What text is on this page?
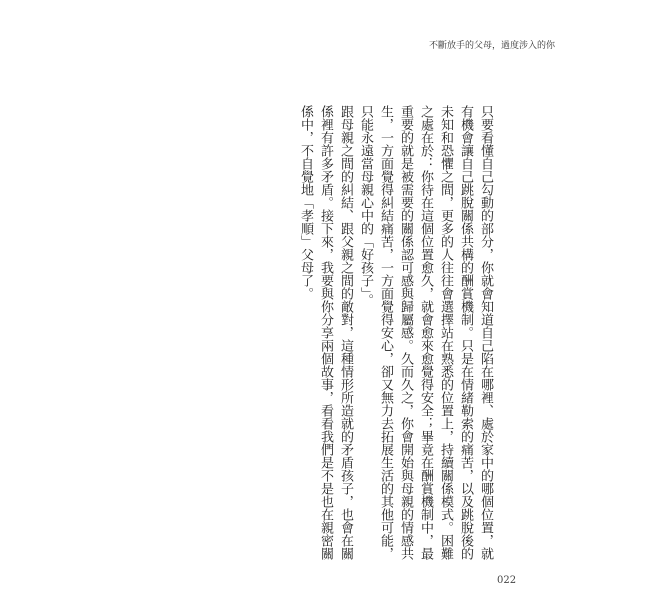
不斷放手的父母，過度涉入的你

只要看懂自己勾動的部分，你就會知道自己陷在哪裡、處於家中的哪個位置，就有機會讓自己跳脫關係共構的酬賞機制。只是在情緒勒索的痛苦，以及跳脫後的未知和恐懼之間，更多的人往往會選擇站在熟悉的位置上，持續關係模式。困難之處在於：你待在這個位置愈久，就會愈來愈覺得安全；畢竟在酬賞機制中，最重要的就是被需要的關係認可感與歸屬感。久而久之，你會開始與母親的情感共生，一方面覺得糾結痛苦，一方面覺得安心，卻又無力去拓展生活的其他可能，只能永遠當母親心中的「好孩子」。

跟母親之間的糾結、跟父親之間的敵對，這種情形所造就的矛盾孩子，也會在關係裡有許多矛盾。接下來，我要與你分享兩個故事，看看我們是不是也在親密關係中，不自覺地「孝順」父母了。

022
